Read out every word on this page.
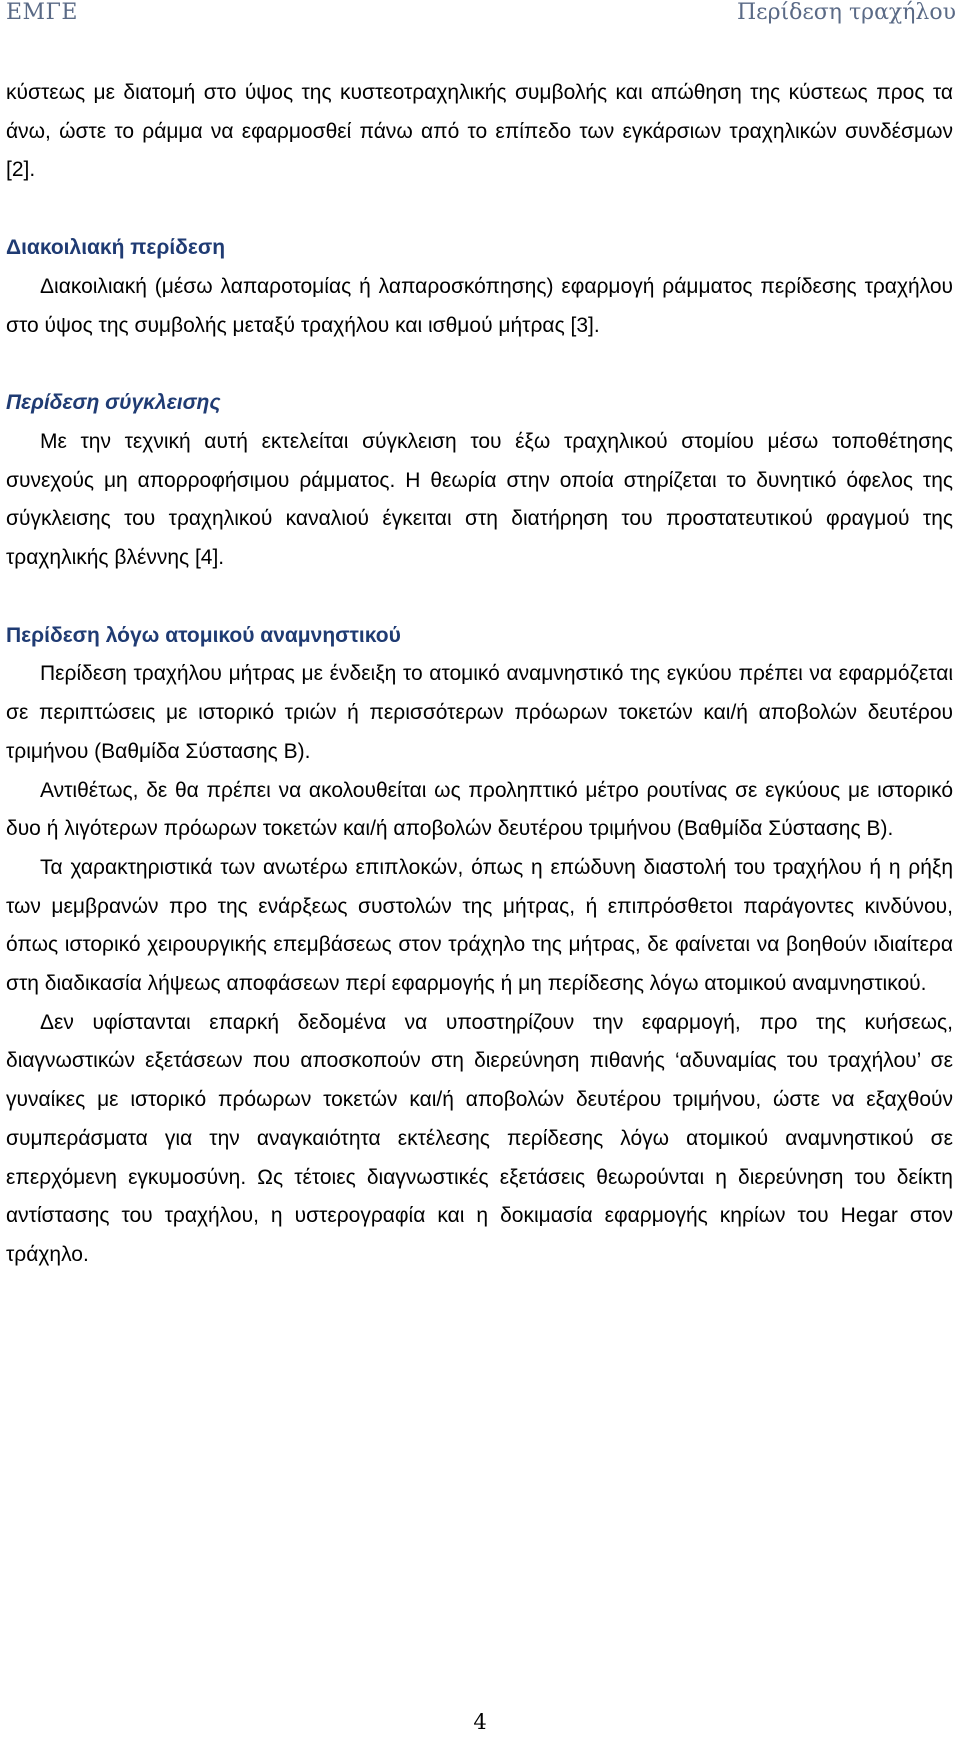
ΕΜΓΕ	Περίδεση τραχήλου

κύστεως με διατομή στο ύψος της κυστεοτραχηλικής συμβολής και απώθηση της κύστεως προς τα άνω, ώστε το ράμμα να εφαρμοσθεί πάνω από το επίπεδο των εγκάρσιων τραχηλικών συνδέσμων [2].

Διακοιλιακή περίδεση

Διακοιλιακή (μέσω λαπαροτομίας ή λαπαροσκόπησης) εφαρμογή ράμματος περίδεσης τραχήλου στο ύψος της συμβολής μεταξύ τραχήλου και ισθμού μήτρας [3].

Περίδεση σύγκλεισης

Με την τεχνική αυτή εκτελείται σύγκλειση του έξω τραχηλικού στομίου μέσω τοποθέτησης συνεχούς μη απορροφήσιμου ράμματος. Η θεωρία στην οποία στηρίζεται το δυνητικό όφελος της σύγκλεισης του τραχηλικού καναλιού έγκειται στη διατήρηση του προστατευτικού φραγμού της τραχηλικής βλέννης [4].

Περίδεση λόγω ατομικού αναμνηστικού

Περίδεση τραχήλου μήτρας με ένδειξη το ατομικό αναμνηστικό της εγκύου πρέπει να εφαρμόζεται σε περιπτώσεις με ιστορικό τριών ή περισσότερων πρόωρων τοκετών και/ή αποβολών δευτέρου τριμήνου (Βαθμίδα Σύστασης Β).

Αντιθέτως, δε θα πρέπει να ακολουθείται ως προληπτικό μέτρο ρουτίνας σε εγκύους με ιστορικό δυο ή λιγότερων πρόωρων τοκετών και/ή αποβολών δευτέρου τριμήνου (Βαθμίδα Σύστασης Β).

Τα χαρακτηριστικά των ανωτέρω επιπλοκών, όπως η επώδυνη διαστολή του τραχήλου ή η ρήξη των μεμβρανών προ της ενάρξεως συστολών της μήτρας, ή επιπρόσθετοι παράγοντες κινδύνου, όπως ιστορικό χειρουργικής επεμβάσεως στον τράχηλο της μήτρας, δε φαίνεται να βοηθούν ιδιαίτερα στη διαδικασία λήψεως αποφάσεων περί εφαρμογής ή μη περίδεσης λόγω ατομικού αναμνηστικού.

Δεν υφίστανται επαρκή δεδομένα να υποστηρίζουν την εφαρμογή, προ της κυήσεως, διαγνωστικών εξετάσεων που αποσκοπούν στη διερεύνηση πιθανής ‘αδυναμίας του τραχήλου’ σε γυναίκες με ιστορικό πρόωρων τοκετών και/ή αποβολών δευτέρου τριμήνου, ώστε να εξαχθούν συμπεράσματα για την αναγκαιότητα εκτέλεσης περίδεσης λόγω ατομικού αναμνηστικού σε επερχόμενη εγκυμοσύνη. Ως τέτοιες διαγνωστικές εξετάσεις θεωρούνται η διερεύνηση του δείκτη αντίστασης του τραχήλου, η υστερογραφία και η δοκιμασία εφαρμογής κηρίων του Hegar στον τράχηλο.

4
